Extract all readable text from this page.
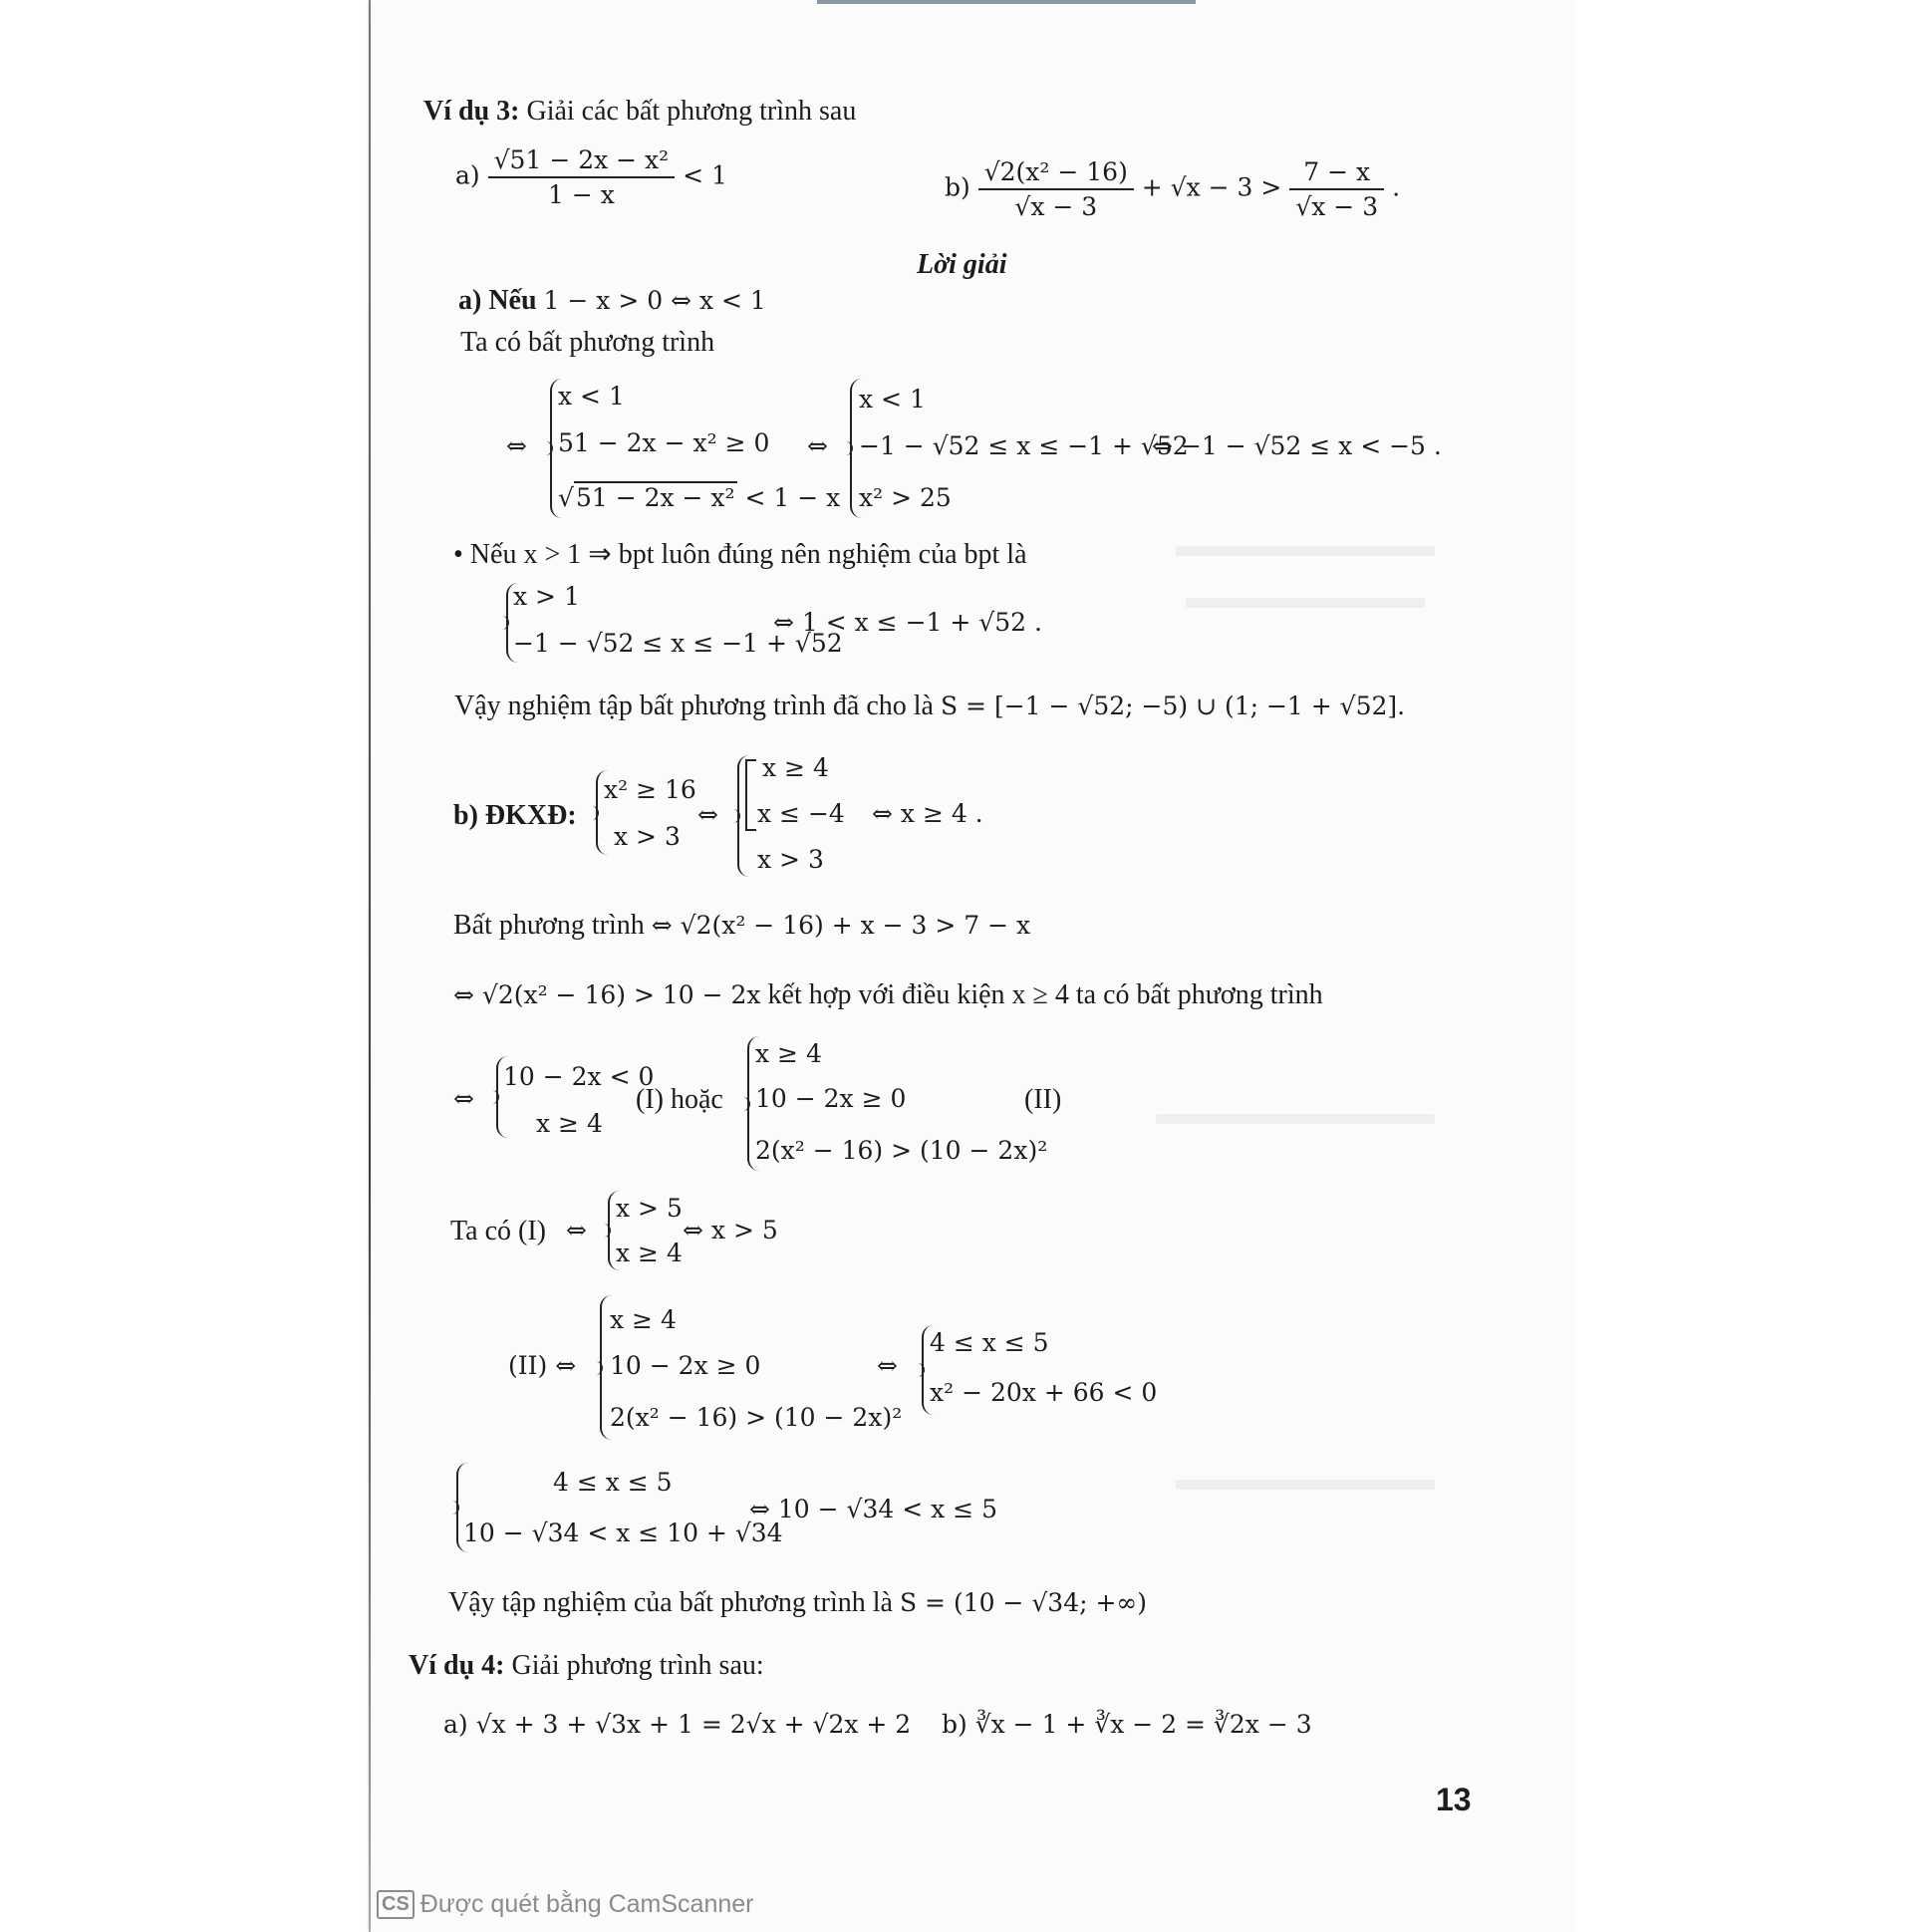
Ví dụ 3: Giải các bất phương trình sau
$a) \frac{\text{√51 − 2x − x²}}{1 - x} < 1$	$b) \frac{\text{√2(x² − 16)}}{√x - 3} + √x - 3 > \frac{7 - x}{√x - 3}$ .
Lời giải
a) Nếu 1 − x > 0 ⇔ x < 1
Ta có bất phương trình
⇔
x < 1
51 − 2x − x² ≥ 0
√51 − 2x − x² < 1 − x
⇔
x < 1
−1 − √52 ≤ x ≤ −1 + √52
x² > 25
⇔ −1 − √52 ≤ x < −5 .
• Nếu x > 1 ⇒ bpt luôn đúng nên nghiệm của bpt là
x > 1
−1 − √52 ≤ x ≤ −1 + √52
⇔ 1 < x ≤ −1 + √52 .
Vậy nghiệm tập bất phương trình đã cho là S = [−1 − √52; −5) ∪ (1; −1 + √52].
b) ĐKXĐ:
x² ≥ 16
x > 3
⇔
x ≥ 4
x ≤ −4
x > 3
⇔ x ≥ 4 .
Bất phương trình ⇔ √2(x² − 16) + x − 3 > 7 − x
⇔ √2(x² − 16) > 10 − 2x kết hợp với điều kiện x ≥ 4 ta có bất phương trình
⇔
10 − 2x < 0
x ≥ 4
(I) hoặc
x ≥ 4
10 − 2x ≥ 0
2(x² − 16) > (10 − 2x)²
(II)
Ta có (I) ⇔
x > 5
x ≥ 4
⇔ x > 5
(II) ⇔
x ≥ 4
10 − 2x ≥ 0
2(x² − 16) > (10 − 2x)²
⇔
4 ≤ x ≤ 5
x² − 20x + 66 < 0
4 ≤ x ≤ 5
10 − √34 < x ≤ 10 + √34
⇔ 10 − √34 < x ≤ 5
Vậy tập nghiệm của bất phương trình là S = (10 − √34; +∞)
Ví dụ 4: Giải phương trình sau:
a) √x + 3 + √3x + 1 = 2√x + √2x + 2 b) ∛x − 1 + ∛x − 2 = ∛2x − 3
13
CS Được quét bằng CamScanner
